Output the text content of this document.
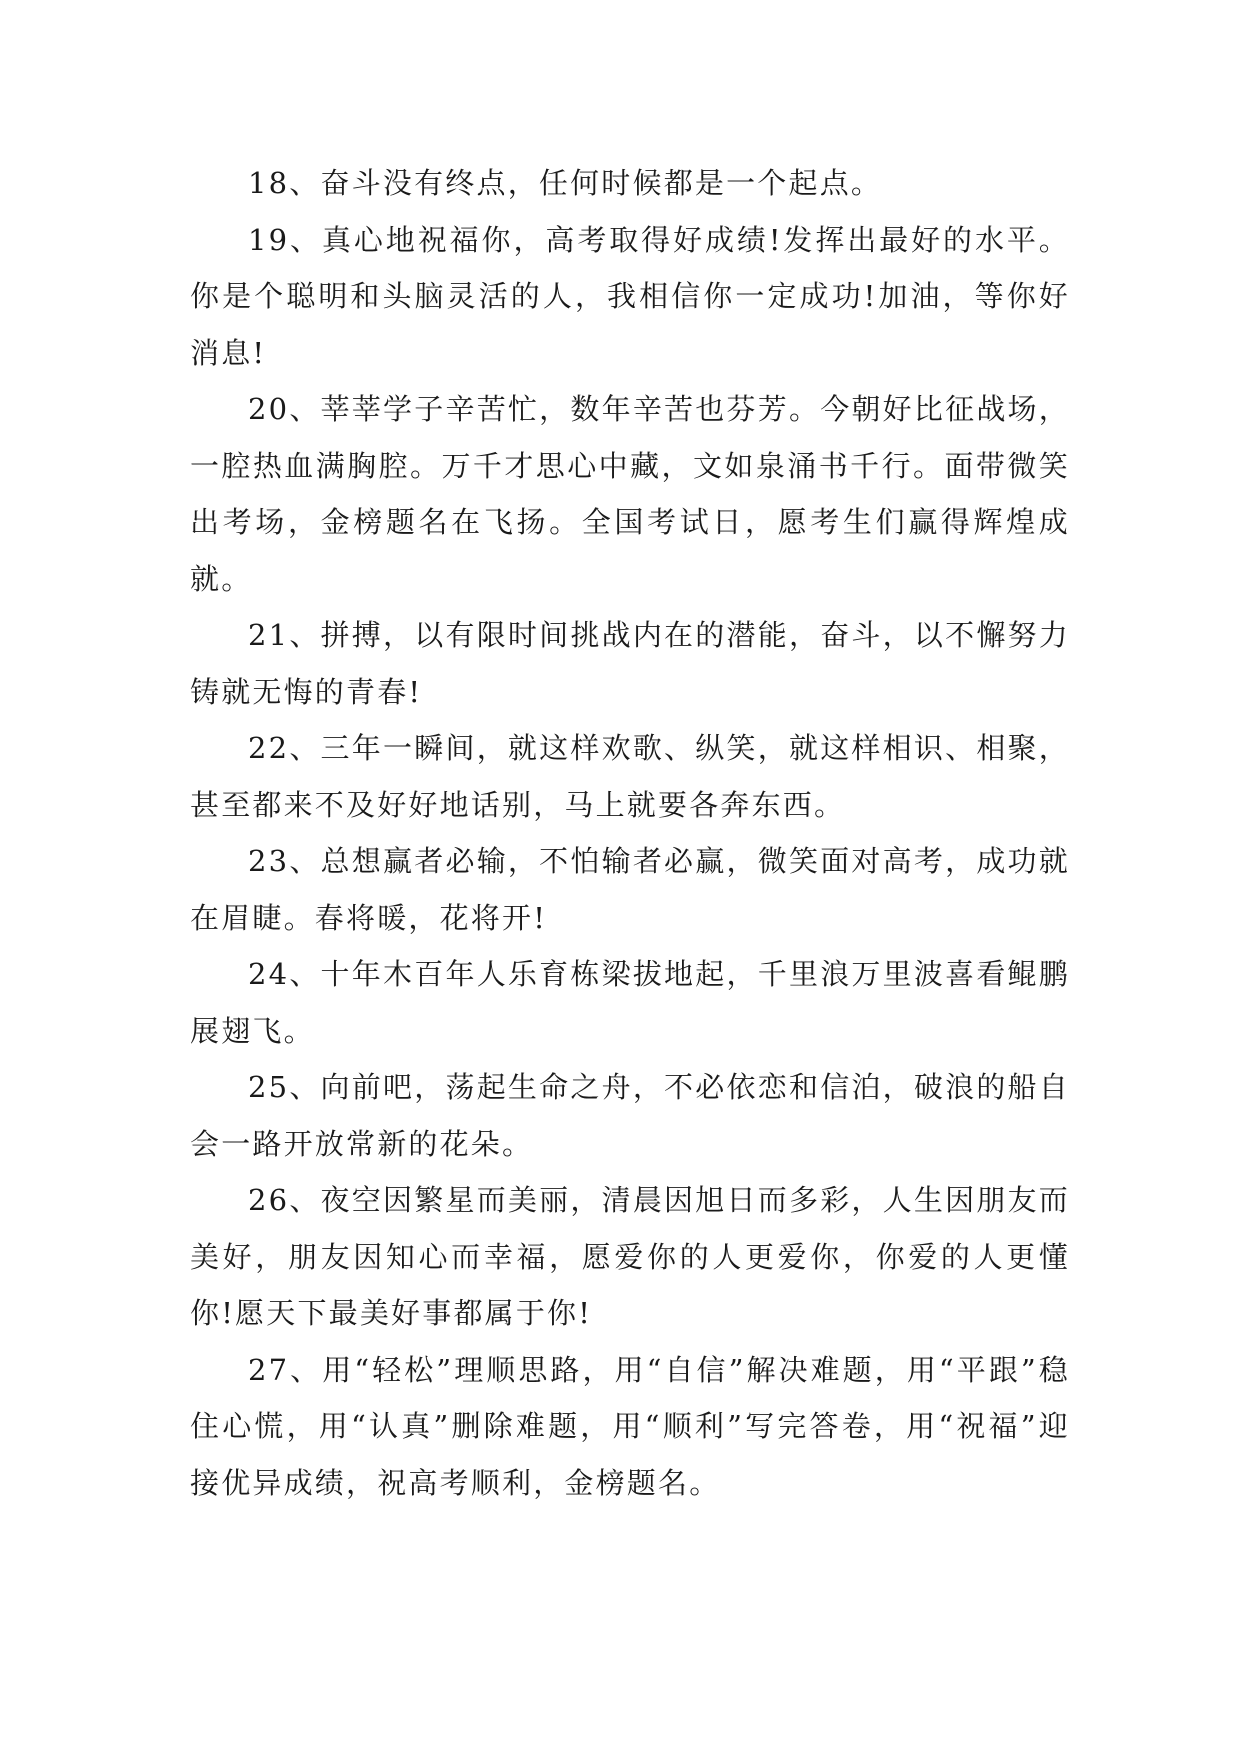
18、奋斗没有终点，任何时候都是一个起点。

19、真心地祝福你，高考取得好成绩!发挥出最好的水平。你是个聪明和头脑灵活的人，我相信你一定成功!加油，等你好消息!

20、莘莘学子辛苦忙，数年辛苦也芬芳。今朝好比征战场，一腔热血满胸腔。万千才思心中藏，文如泉涌书千行。面带微笑出考场，金榜题名在飞扬。全国考试日，愿考生们赢得辉煌成就。

21、拼搏，以有限时间挑战内在的潜能，奋斗，以不懈努力铸就无悔的青春!

22、三年一瞬间，就这样欢歌、纵笑，就这样相识、相聚，甚至都来不及好好地话别，马上就要各奔东西。

23、总想赢者必输，不怕输者必赢，微笑面对高考，成功就在眉睫。春将暖，花将开!

24、十年木百年人乐育栋梁拔地起，千里浪万里波喜看鲲鹏展翅飞。

25、向前吧，荡起生命之舟，不必依恋和信泊，破浪的船自会一路开放常新的花朵。

26、夜空因繁星而美丽，清晨因旭日而多彩，人生因朋友而美好，朋友因知心而幸福，愿爱你的人更爱你，你爱的人更懂你!愿天下最美好事都属于你!

27、用“轻松”理顺思路，用“自信”解决难题，用“平跟”稳住心慌，用“认真”删除难题，用“顺利”写完答卷，用“祝福”迎接优异成绩，祝高考顺利，金榜题名。
